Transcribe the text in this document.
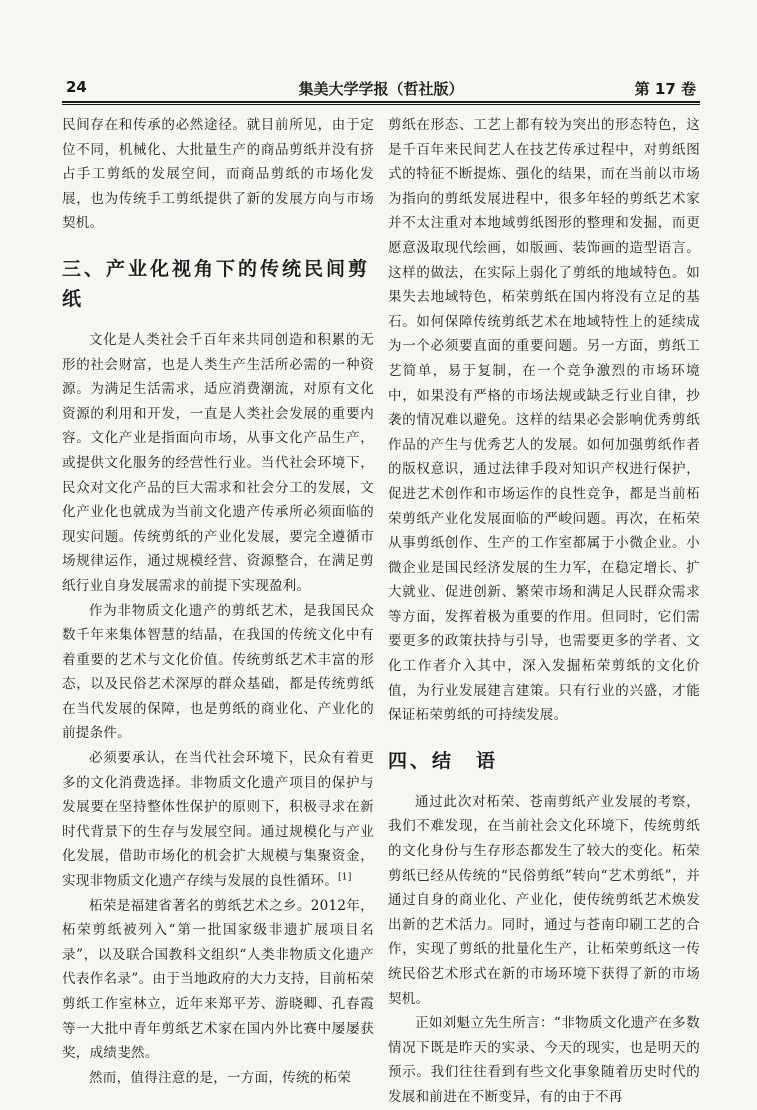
24	集美大学学报（哲社版）	第 17 卷

民间存在和传承的必然途径。就目前所见，由于定位不同，机械化、大批量生产的商品剪纸并没有挤占手工剪纸的发展空间，而商品剪纸的市场化发展，也为传统手工剪纸提供了新的发展方向与市场契机。

三、产业化视角下的传统民间剪纸

文化是人类社会千百年来共同创造和积累的无形的社会财富，也是人类生产生活所必需的一种资源。为满足生活需求，适应消费潮流，对原有文化资源的利用和开发，一直是人类社会发展的重要内容。文化产业是指面向市场，从事文化产品生产，或提供文化服务的经营性行业。当代社会环境下，民众对文化产品的巨大需求和社会分工的发展，文化产业化也就成为当前文化遗产传承所必须面临的现实问题。传统剪纸的产业化发展，要完全遵循市场规律运作，通过规模经营、资源整合，在满足剪纸行业自身发展需求的前提下实现盈利。

作为非物质文化遗产的剪纸艺术，是我国民众数千年来集体智慧的结晶，在我国的传统文化中有着重要的艺术与文化价值。传统剪纸艺术丰富的形态，以及民俗艺术深厚的群众基础，都是传统剪纸在当代发展的保障，也是剪纸的商业化、产业化的前提条件。

必须要承认，在当代社会环境下，民众有着更多的文化消费选择。非物质文化遗产项目的保护与发展要在坚持整体性保护的原则下，积极寻求在新时代背景下的生存与发展空间。通过规模化与产业化发展，借助市场化的机会扩大规模与集聚资金，实现非物质文化遗产存续与发展的良性循环。[1]

柘荣是福建省著名的剪纸艺术之乡。2012年，柘荣剪纸被列入“第一批国家级非遗扩展项目名录”，以及联合国教科文组织“人类非物质文化遗产代表作名录”。由于当地政府的大力支持，目前柘荣剪纸工作室林立，近年来郑平芳、游晓卿、孔春霞等一大批中青年剪纸艺术家在国内外比赛中屡屡获奖，成绩斐然。

然而，值得注意的是，一方面，传统的柘荣

剪纸在形态、工艺上都有较为突出的形态特色，这是千百年来民间艺人在技艺传承过程中，对剪纸图式的特征不断提炼、强化的结果，而在当前以市场为指向的剪纸发展进程中，很多年轻的剪纸艺术家并不太注重对本地域剪纸图形的整理和发掘，而更愿意汲取现代绘画，如版画、装饰画的造型语言。这样的做法，在实际上弱化了剪纸的地域特色。如果失去地域特色，柘荣剪纸在国内将没有立足的基石。如何保障传统剪纸艺术在地域特性上的延续成为一个必须要直面的重要问题。另一方面，剪纸工艺简单，易于复制，在一个竞争激烈的市场环境中，如果没有严格的市场法规或缺乏行业自律，抄袭的情况难以避免。这样的结果必会影响优秀剪纸作品的产生与优秀艺人的发展。如何加强剪纸作者的版权意识，通过法律手段对知识产权进行保护，促进艺术创作和市场运作的良性竞争，都是当前柘荣剪纸产业化发展面临的严峻问题。再次，在柘荣从事剪纸创作、生产的工作室都属于小微企业。小微企业是国民经济发展的生力军，在稳定增长、扩大就业、促进创新、繁荣市场和满足人民群众需求等方面，发挥着极为重要的作用。但同时，它们需要更多的政策扶持与引导，也需要更多的学者、文化工作者介入其中，深入发掘柘荣剪纸的文化价值，为行业发展建言建策。只有行业的兴盛，才能保证柘荣剪纸的可持续发展。

四、结　语

通过此次对柘荣、苍南剪纸产业发展的考察，我们不难发现，在当前社会文化环境下，传统剪纸的文化身份与生存形态都发生了较大的变化。柘荣剪纸已经从传统的“民俗剪纸”转向“艺术剪纸”，并通过自身的商业化、产业化，使传统剪纸艺术焕发出新的艺术活力。同时，通过与苍南印刷工艺的合作，实现了剪纸的批量化生产，让柘荣剪纸这一传统民俗艺术形式在新的市场环境下获得了新的市场契机。

正如刘魁立先生所言：“非物质文化遗产在多数情况下既是昨天的实录、今天的现实，也是明天的预示。我们往往看到有些文化事象随着历史时代的发展和前进在不断变异，有的由于不再
